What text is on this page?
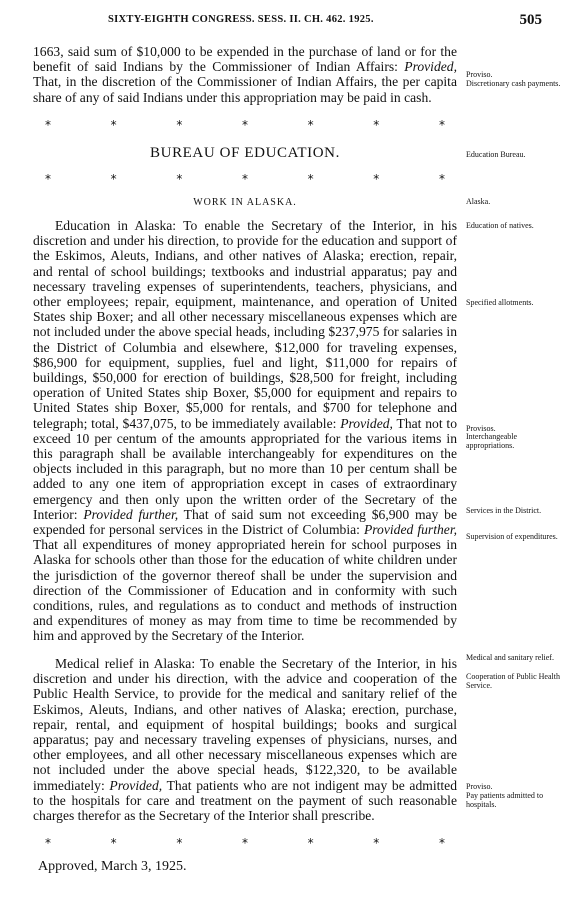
SIXTY-EIGHTH CONGRESS. SESS. II. CH. 462. 1925.	505

1663, said sum of $10,000 to be expended in the purchase of land or for the benefit of said Indians by the Commissioner of Indian Affairs: Provided, That, in the discretion of the Commissioner of Indian Affairs, the per capita share of any of said Indians under this appropriation may be paid in cash.

*	*	*	*	*	*	*
BUREAU OF EDUCATION.
*	*	*	*	*	*	*
WORK IN ALASKA.

Education in Alaska: To enable the Secretary of the Interior, in his discretion and under his direction, to provide for the education and support of the Eskimos, Aleuts, Indians, and other natives of Alaska; erection, repair, and rental of school buildings; textbooks and industrial apparatus; pay and necessary traveling expenses of superintendents, teachers, physicians, and other employees; repair, equipment, maintenance, and operation of United States ship Boxer; and all other necessary miscellaneous expenses which are not included under the above special heads, including $237,975 for salaries in the District of Columbia and elsewhere, $12,000 for traveling expenses, $86,900 for equipment, supplies, fuel and light, $11,000 for repairs of buildings, $50,000 for erection of buildings, $28,500 for freight, including operation of United States ship Boxer, $5,000 for equipment and repairs to United States ship Boxer, $5,000 for rentals, and $700 for telephone and telegraph; total, $437,075, to be immediately available: Provided, That not to exceed 10 per centum of the amounts appropriated for the various items in this paragraph shall be available interchangeably for expenditures on the objects included in this paragraph, but no more than 10 per centum shall be added to any one item of appropriation except in cases of extraordinary emergency and then only upon the written order of the Secretary of the Interior: Provided further, That of said sum not exceeding $6,900 may be expended for personal services in the District of Columbia: Provided further, That all expenditures of money appropriated herein for school purposes in Alaska for schools other than those for the education of white children under the jurisdiction of the governor thereof shall be under the supervision and direction of the Commissioner of Education and in conformity with such conditions, rules, and regulations as to conduct and methods of instruction and expenditures of money as may from time to time be recommended by him and approved by the Secretary of the Interior.

Medical relief in Alaska: To enable the Secretary of the Interior, in his discretion and under his direction, with the advice and cooperation of the Public Health Service, to provide for the medical and sanitary relief of the Eskimos, Aleuts, Indians, and other natives of Alaska; erection, purchase, repair, rental, and equipment of hospital buildings; books and surgical apparatus; pay and necessary traveling expenses of physicians, nurses, and other employees, and all other necessary miscellaneous expenses which are not included under the above special heads, $122,320, to be available immediately: Provided, That patients who are not indigent may be admitted to the hospitals for care and treatment on the payment of such reasonable charges therefor as the Secretary of the Interior shall prescribe.

*	*	*	*	*	*	*
Approved, March 3, 1925.
Proviso.
Discretionary cash payments.
Education Bureau.
Alaska.
Education of natives.
Specified allotments.
Provisos.
Interchangeable appropriations.
Services in the District.
Supervision of expenditures.
Medical and sanitary relief.
Cooperation of Public Health Service.
Proviso.
Pay patients admitted to hospitals.
